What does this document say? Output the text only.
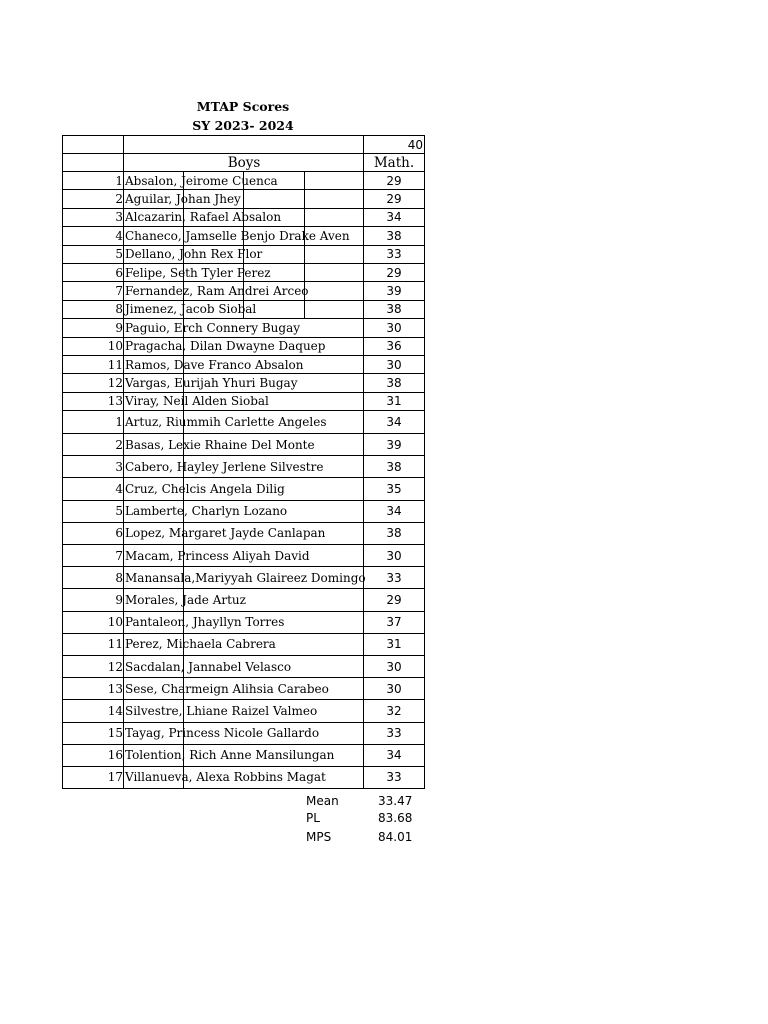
MTAP Scores
SY 2023- 2024
40
Boys	Math.
1 Absalon, Jeirome Cuenca	29
2 Aguilar, Johan Jhey	29
3 Alcazarin, Rafael Absalon	34
4 Chaneco, Jamselle Benjo Drake Aven	38
5 Dellano, John Rex Flor	33
6 Felipe, Seth Tyler Perez	29
7 Fernandez, Ram Andrei Arceo	39
8 Jimenez, Jacob Siobal	38
9 Paguio, Erch Connery Bugay	30
10 Pragacha, Dilan Dwayne Daquep	36
11 Ramos, Dave Franco Absalon	30
12 Vargas, Eurijah Yhuri Bugay	38
13 Viray, Neil Alden Siobal	31
1 Artuz, Riummih Carlette Angeles	34
2 Basas, Lexie Rhaine Del Monte	39
3 Cabero, Hayley Jerlene Silvestre	38
4 Cruz, Chelcis Angela Dilig	35
5 Lamberte, Charlyn Lozano	34
6 Lopez, Margaret Jayde Canlapan	38
7 Macam, Princess Aliyah David	30
8 Manansala,Mariyyah Glaireez Domingo	33
9 Morales, Jade Artuz	29
10 Pantaleon, Jhayllyn Torres	37
11 Perez, Michaela Cabrera	31
12 Sacdalan, Jannabel Velasco	30
13 Sese, Charmeign Alihsia Carabeo	30
14 Silvestre, Lhiane Raizel Valmeo	32
15 Tayag, Princess Nicole Gallardo	33
16 Tolention, Rich Anne Mansilungan	34
17 Villanueva, Alexa Robbins Magat	33
Mean	33.47
PL	83.68
MPS	84.01
